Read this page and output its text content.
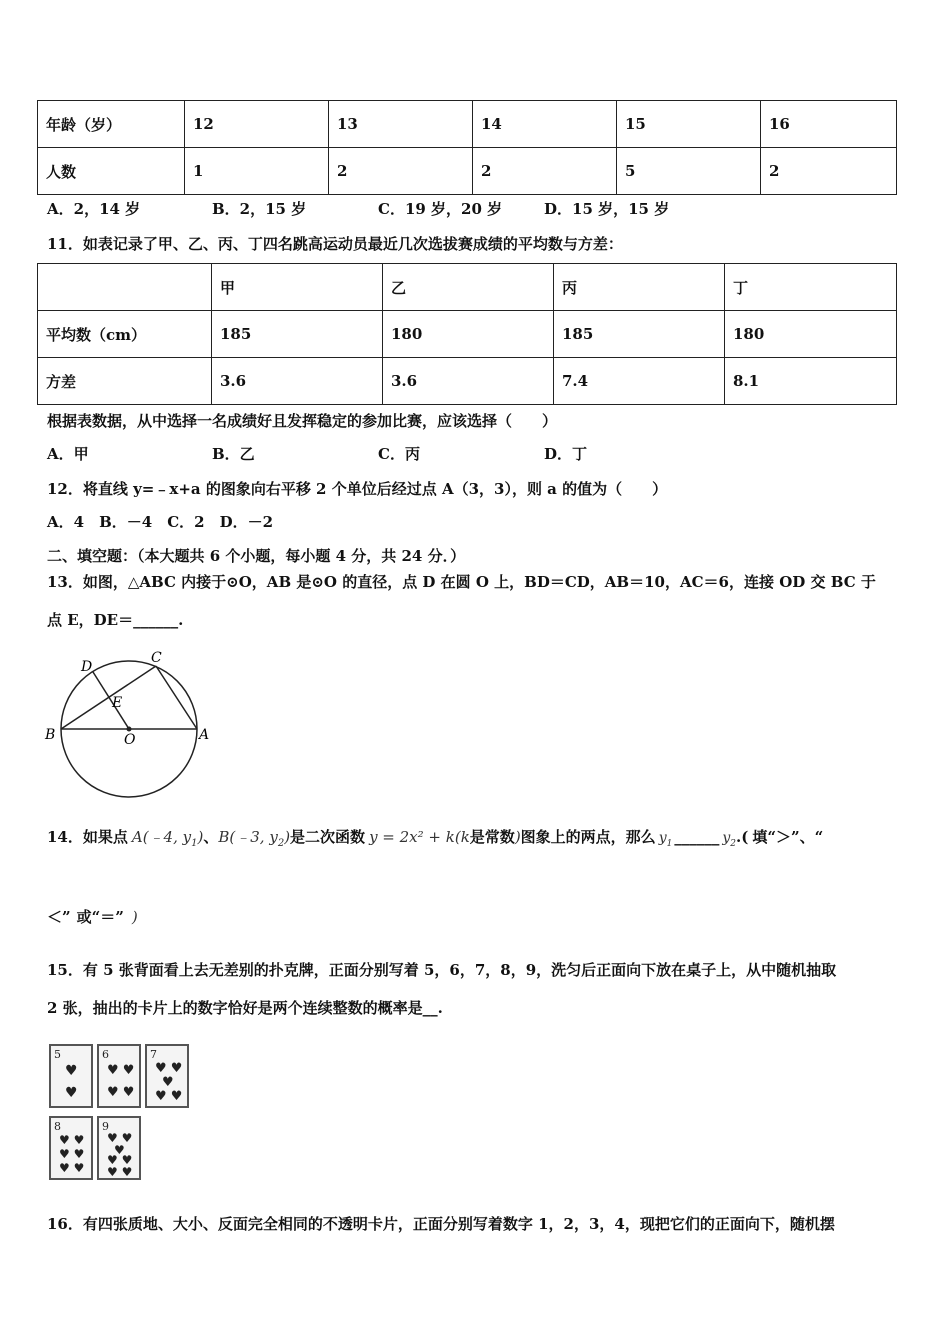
年龄（岁）	12	13	14	15	16
人数	1	2	2	5	2
A．2，14 岁	B．2，15 岁	C．19 岁，20 岁	D．15 岁，15 岁
11．如表记录了甲、乙、丙、丁四名跳高运动员最近几次选拔赛成绩的平均数与方差：
	甲	乙	丙	丁
平均数（cm）	185	180	185	180
方差	3.6	3.6	7.4	8.1
根据表数据，从中选择一名成绩好且发挥稳定的参加比赛，应该选择（　　）
A．甲	B．乙	C．丙	D．丁
12．将直线 y=﹣x+a 的图象向右平移 2 个单位后经过点 A（3，3），则 a 的值为（　　）
A．4　B．－4　C．2　D．－2
二、填空题：（本大题共 6 个小题，每小题 4 分，共 24 分．）
13．如图，△ABC 内接于⊙O，AB 是⊙O 的直径，点 D 在圆 O 上，BD＝CD，AB＝10，AC＝6，连接 OD 交 BC 于
点 E，DE＝______.
D
C
E
B	O	A
14．如果点 A(﹣4, $y_1$) 、 B(﹣3, $y_2$) 是二次函数 y = 2x² + k(k 是常数 ) 图象上的两点，那么 $y_1$ ______ $y_2$ .( 填“＞”、“
＜” 或“＝” )
15．有 5 张背面看上去无差别的扑克牌，正面分别写着 5，6，7，8，9，洗匀后正面向下放在桌子上，从中随机抽取
2 张，抽出的卡片上的数字恰好是两个连续整数的概率是__.
5
♥
♥
6
♥ ♥
♥ ♥
7
♥ ♥
♥
♥ ♥
8
♥ ♥
♥ ♥
♥ ♥
9
♥ ♥
♥
♥ ♥
♥ ♥
16．有四张质地、大小、反面完全相同的不透明卡片，正面分别写着数字 1，2，3，4，现把它们的正面向下，随机摆
